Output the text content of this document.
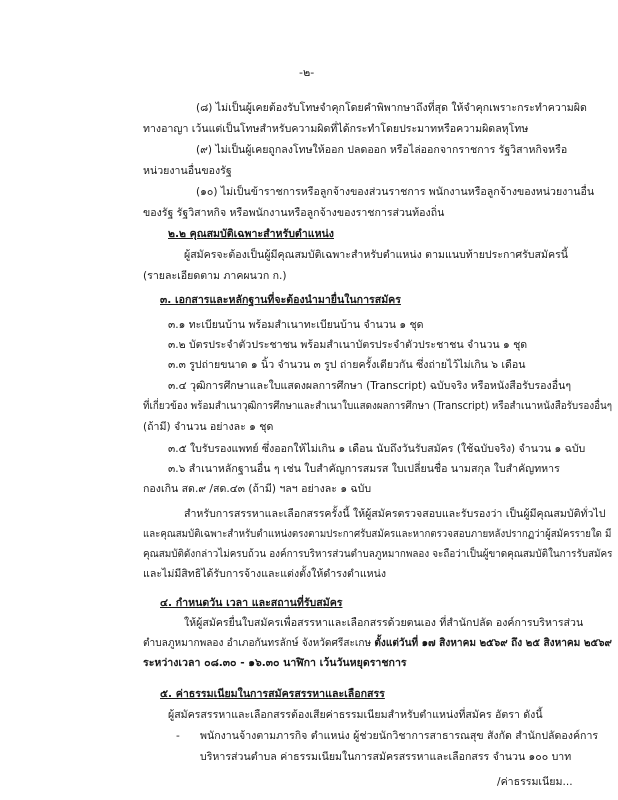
-๒-
(๘) ไม่เป็นผู้เคยต้องรับโทษจำคุกโดยคำพิพากษาถึงที่สุด ให้จำคุกเพราะกระทำความผิด
ทางอาญา เว้นแต่เป็นโทษสำหรับความผิดที่ได้กระทำโดยประมาทหรือความผิดลหุโทษ
(๙) ไม่เป็นผู้เคยถูกลงโทษให้ออก ปลดออก หรือไล่ออกจากราชการ รัฐวิสาหกิจหรือ
หน่วยงานอื่นของรัฐ
(๑๐) ไม่เป็นข้าราชการหรือลูกจ้างของส่วนราชการ พนักงานหรือลูกจ้างของหน่วยงานอื่น
ของรัฐ รัฐวิสาหกิจ หรือพนักงานหรือลูกจ้างของราชการส่วนท้องถิ่น
๒.๒ คุณสมบัติเฉพาะสำหรับตำแหน่ง
ผู้สมัครจะต้องเป็นผู้มีคุณสมบัติเฉพาะสำหรับตำแหน่ง ตามแนบท้ายประกาศรับสมัครนี้
(รายละเอียดตาม ภาคผนวก ก.)
๓. เอกสารและหลักฐานที่จะต้องนำมายื่นในการสมัคร
๓.๑ ทะเบียนบ้าน พร้อมสำเนาทะเบียนบ้าน จำนวน ๑ ชุด
๓.๒ บัตรประจำตัวประชาชน พร้อมสำเนาบัตรประจำตัวประชาชน จำนวน ๑ ชุด
๓.๓ รูปถ่ายขนาด ๑ นิ้ว จำนวน ๓ รูป ถ่ายครั้งเดียวกัน ซึ่งถ่ายไว้ไม่เกิน ๖ เดือน
๓.๔ วุฒิการศึกษาและใบแสดงผลการศึกษา (Transcript) ฉบับจริง หรือหนังสือรับรองอื่นๆ
ที่เกี่ยวข้อง พร้อมสำเนาวุฒิการศึกษาและสำเนาใบแสดงผลการศึกษา (Transcript) หรือสำเนาหนังสือรับรองอื่นๆ
(ถ้ามี) จำนวน อย่างละ ๑ ชุด
๓.๕ ใบรับรองแพทย์ ซึ่งออกให้ไม่เกิน ๑ เดือน นับถึงวันรับสมัคร (ใช้ฉบับจริง) จำนวน ๑ ฉบับ
๓.๖ สำเนาหลักฐานอื่น ๆ เช่น ใบสำคัญการสมรส ใบเปลี่ยนชื่อ นามสกุล ใบสำคัญทหาร
กองเกิน สด.๙ /สด.๔๓ (ถ้ามี) ฯลฯ อย่างละ ๑ ฉบับ
สำหรับการสรรหาและเลือกสรรครั้งนี้ ให้ผู้สมัครตรวจสอบและรับรองว่า เป็นผู้มีคุณสมบัติทั่วไป
และคุณสมบัติเฉพาะสำหรับตำแหน่งตรงตามประกาศรับสมัครและหากตรวจสอบภายหลังปรากฏว่าผู้สมัครรายใด มี
คุณสมบัติดังกล่าวไม่ครบถ้วน องค์การบริหารส่วนตำบลภูหมากพลอง จะถือว่าเป็นผู้ขาดคุณสมบัติในการรับสมัคร
และไม่มีสิทธิได้รับการจ้างและแต่งตั้งให้ดำรงตำแหน่ง
๔. กำหนดวัน เวลา และสถานที่รับสมัคร
ให้ผู้สมัครยื่นใบสมัครเพื่อสรรหาและเลือกสรรด้วยตนเอง ที่สำนักปลัด องค์การบริหารส่วน
ตำบลภูหมากพลอง อำเภอกันทรลักษ์ จังหวัดศรีสะเกษ ตั้งแต่วันที่ ๑๗ สิงหาคม ๒๕๖๙ ถึง ๒๕ สิงหาคม ๒๕๖๙
ระหว่างเวลา ๐๘.๓๐ - ๑๖.๓๐ นาฬิกา เว้นวันหยุดราชการ
๕. ค่าธรรมเนียมในการสมัครสรรหาและเลือกสรร
ผู้สมัครสรรหาและเลือกสรรต้องเสียค่าธรรมเนียมสำหรับตำแหน่งที่สมัคร อัตรา ดังนี้
- พนักงานจ้างตามภารกิจ ตำแหน่ง ผู้ช่วยนักวิชาการสาธารณสุข สังกัด สำนักปลัดองค์การ
บริหารส่วนตำบล ค่าธรรมเนียมในการสมัครสรรหาและเลือกสรร จำนวน ๑๐๐ บาท
/ค่าธรรมเนียม...
